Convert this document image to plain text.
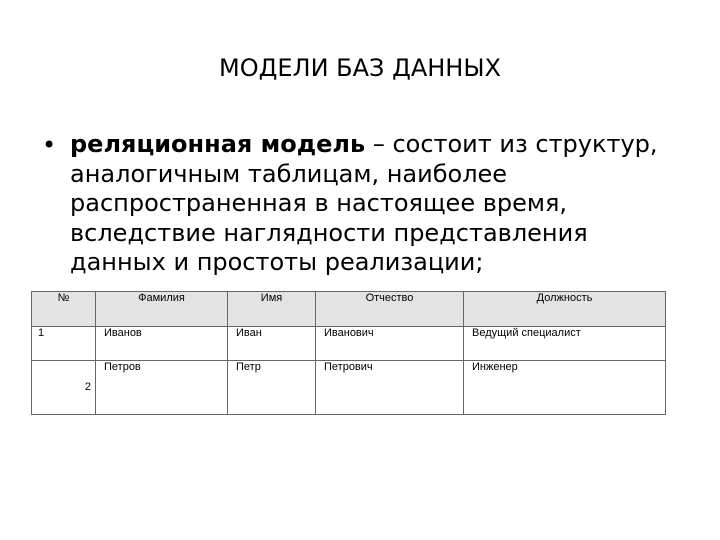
МОДЕЛИ БАЗ ДАННЫХ
• реляционная модель – состоит из структур,
аналогичным таблицам, наиболее
распространенная в настоящее время,
вследствие наглядности представления
данных и простоты реализации;
№	Фамилия	Имя	Отчество	Должность
1	Иванов	Иван	Иванович	Ведущий специалист
2	Петров	Петр	Петрович	Инженер
